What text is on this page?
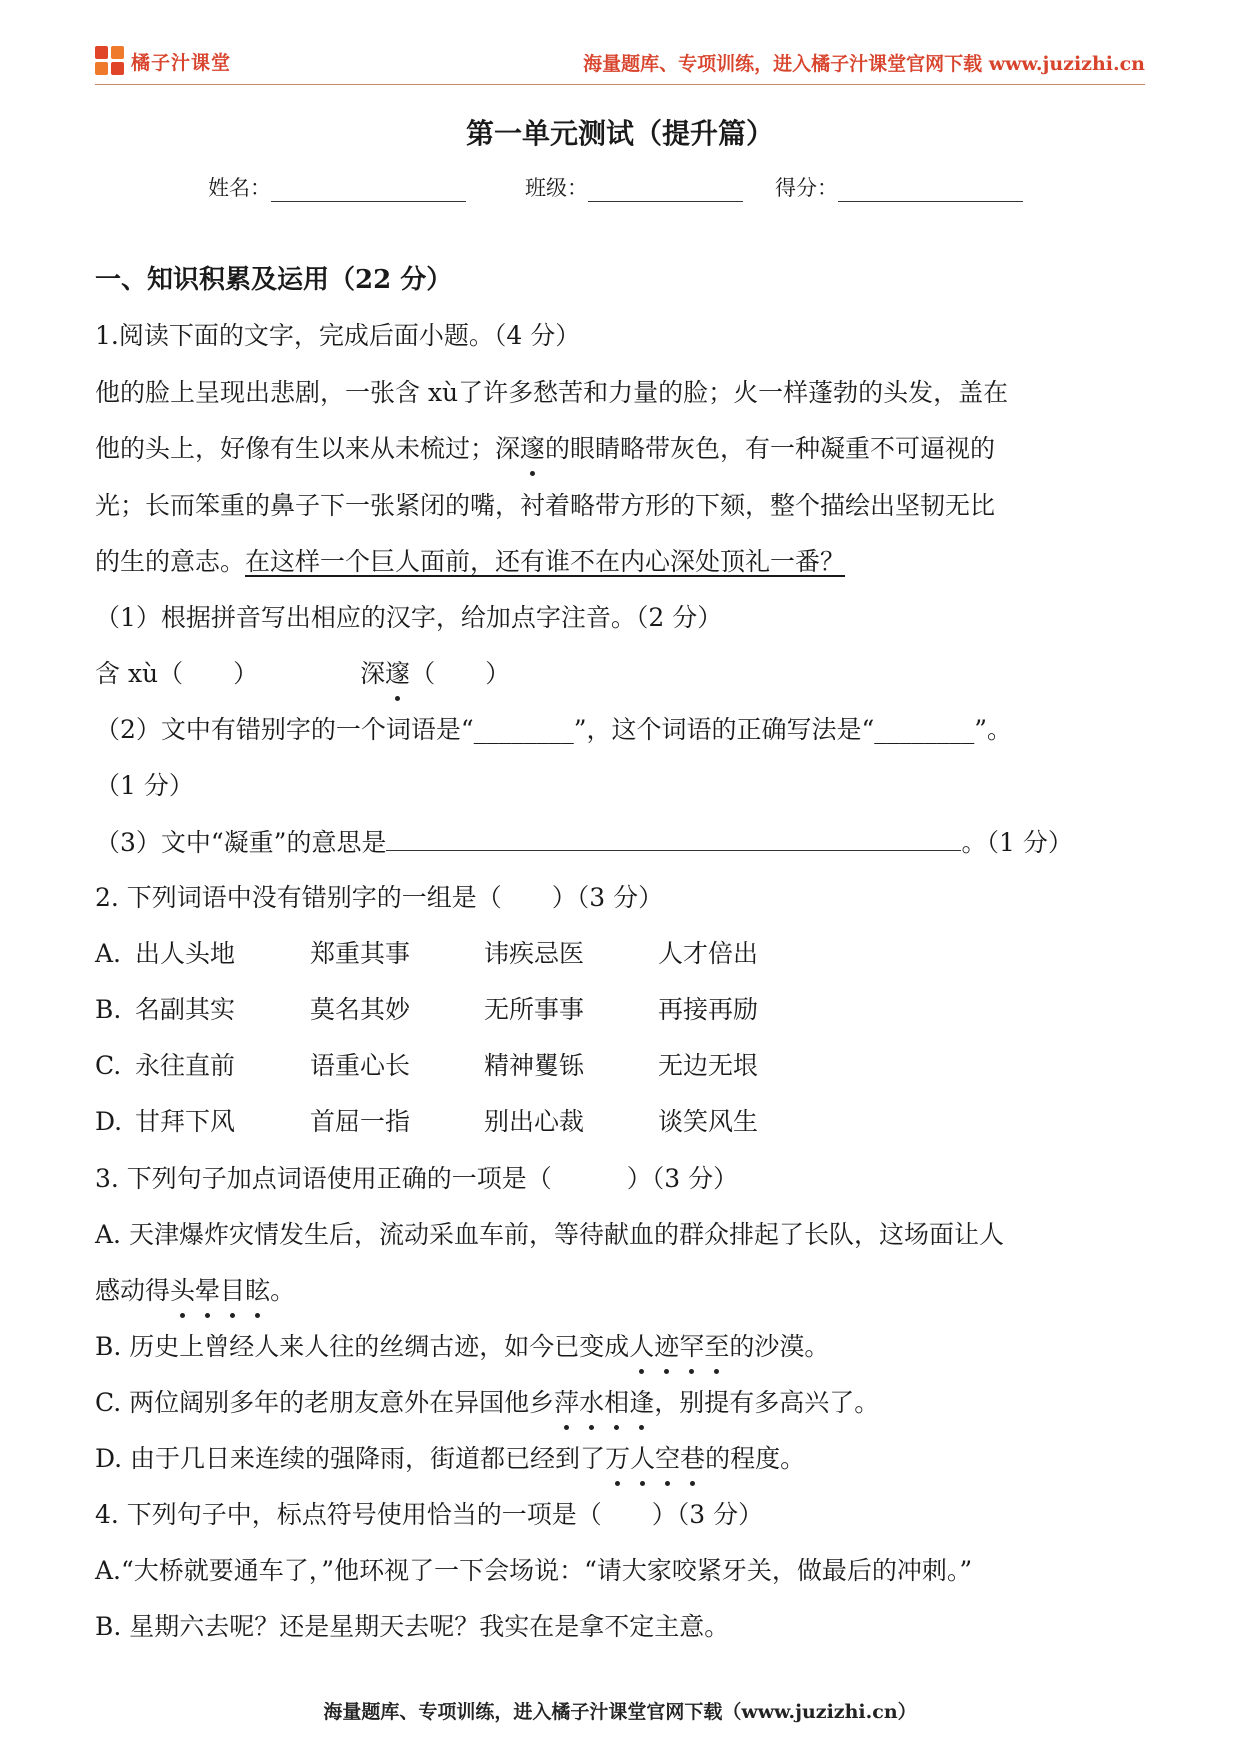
橘子汁课堂	海量题库、专项训练，进入橘子汁课堂官网下载 www.juzizhi.cn
第一单元测试（提升篇）
姓名：	班级：	得分：
一、知识积累及运用（22 分）
1.阅读下面的文字，完成后面小题。（4 分）
他的脸上呈现出悲剧，一张含 xù了许多愁苦和力量的脸；火一样蓬勃的头发，盖在
他的头上，好像有生以来从未梳过；深邃的眼睛略带灰色，有一种凝重不可逼视的
光；长而笨重的鼻子下一张紧闭的嘴，衬着略带方形的下颏，整个描绘出坚韧无比
的生的意志。在这样一个巨人面前，还有谁不在内心深处顶礼一番？
（1）根据拼音写出相应的汉字，给加点字注音。（2 分）
含 xù（　　）	深邃（　　）
（2）文中有错别字的一个词语是“________”，这个词语的正确写法是“________”。
（1 分）
（3）文中“凝重”的意思是	。（1 分）
2. 下列词语中没有错别字的一组是（　　）（3 分）
A. 出人头地	郑重其事	讳疾忌医	人才倍出
B. 名副其实	莫名其妙	无所事事	再接再励
C. 永往直前	语重心长	精神矍铄	无边无垠
D. 甘拜下风	首屈一指	别出心裁	谈笑风生
3. 下列句子加点词语使用正确的一项是（　　　）（3 分）
A. 天津爆炸灾情发生后，流动采血车前，等待献血的群众排起了长队，这场面让人
感动得头晕目眩。
B. 历史上曾经人来人往的丝绸古迹，如今已变成人迹罕至的沙漠。
C. 两位阔别多年的老朋友意外在异国他乡萍水相逢，别提有多高兴了。
D. 由于几日来连续的强降雨，街道都已经到了万人空巷的程度。
4. 下列句子中，标点符号使用恰当的一项是（　　）（3 分）
A.“大桥就要通车了，”他环视了一下会场说：“请大家咬紧牙关，做最后的冲刺。”
B. 星期六去呢？还是星期天去呢？我实在是拿不定主意。
海量题库、专项训练，进入橘子汁课堂官网下载（www.juzizhi.cn）
